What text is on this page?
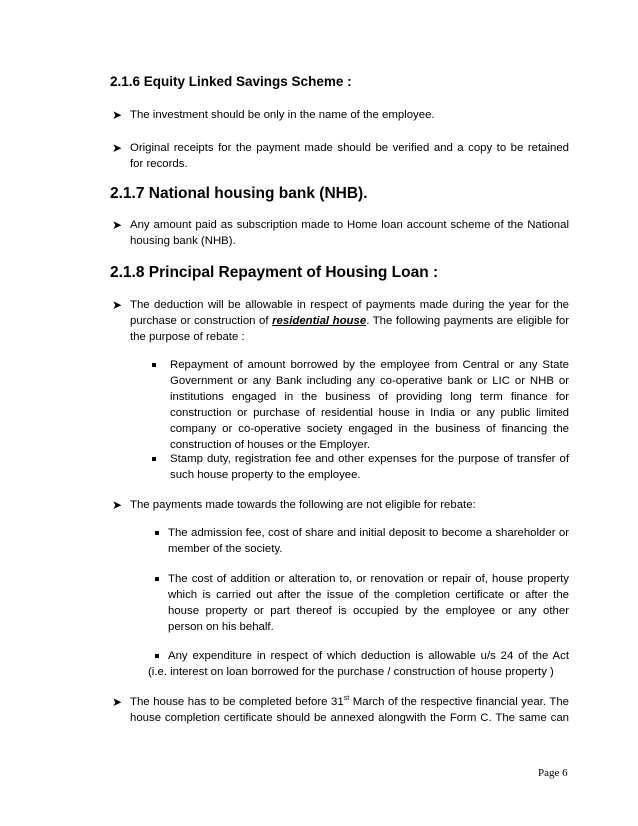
2.1.6 Equity Linked Savings Scheme :
➤ The investment should be only in the name of the employee.
➤ Original receipts for the payment made should be verified and a copy to be retained
for records.
2.1.7 National housing bank (NHB).
➤ Any amount paid as subscription made to Home loan account scheme of the National
housing bank (NHB).
2.1.8 Principal Repayment of Housing Loan :
➤ The deduction will be allowable in respect of payments made during the year for the
purchase or construction of residential house. The following payments are eligible for
the purpose of rebate :
Repayment of amount borrowed by the employee from Central or any State
Government or any Bank including any co-operative bank or LIC or NHB or
institutions engaged in the business of providing long term finance for
construction or purchase of residential house in India or any public limited
company or co-operative society engaged in the business of financing the
construction of houses or the Employer.
Stamp duty, registration fee and other expenses for the purpose of transfer of
such house property to the employee.
➤ The payments made towards the following are not eligible for rebate:
The admission fee, cost of share and initial deposit to become a shareholder or
member of the society.
The cost of addition or alteration to, or renovation or repair of, house property
which is carried out after the issue of the completion certificate or after the
house property or part thereof is occupied by the employee or any other
person on his behalf.
Any expenditure in respect of which deduction is allowable u/s 24 of the Act
(i.e. interest on loan borrowed for the purchase / construction of house property )
➤ The house has to be completed before 31st March of the respective financial year. The
house completion certificate should be annexed alongwith the Form C. The same can
Page 6
